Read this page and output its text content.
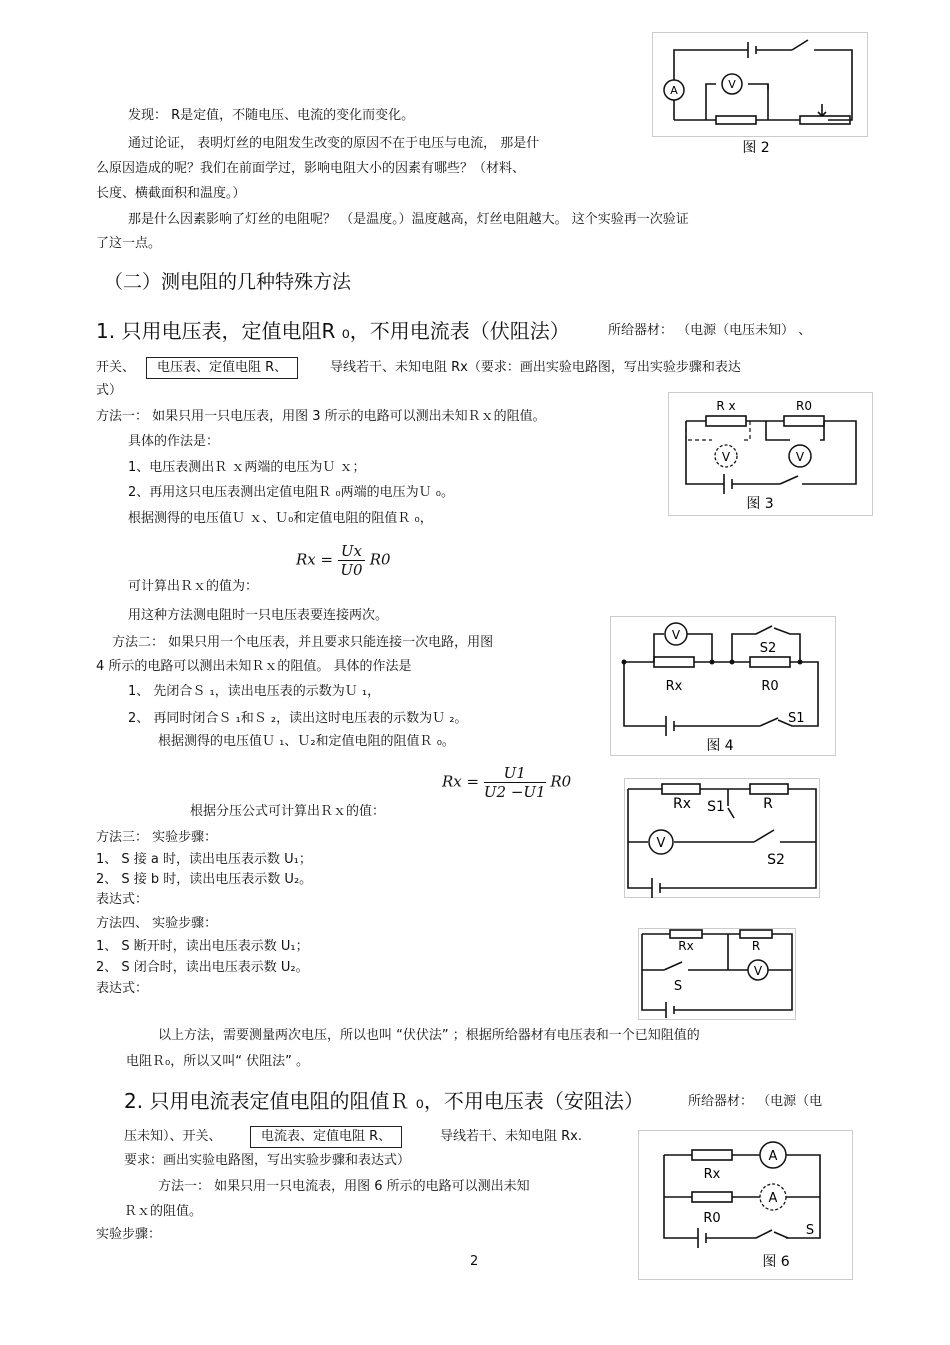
发现： R是定值，不随电压、电流的变化而变化。
通过论证， 表明灯丝的电阻发生改变的原因不在于电压与电流， 那是什
么原因造成的呢？我们在前面学过，影响电阻大小的因素有哪些？（材料、
长度、横截面积和温度。）
那是什么因素影响了灯丝的电阻呢？ （是温度。）温度越高，灯丝电阻越大。 这个实验再一次验证
了这一点。
（二）测电阻的几种特殊方法
1. 只用电压表，定值电阻R ₀，不用电流表（伏阻法）	所给器材： （电源（电压未知） 、
开关、	电压表、定值电阻 R、	导线若干、未知电阻 Rx（要求：画出实验电路图，写出实验步骤和表达
式）
方法一： 如果只用一只电压表，用图 3 所示的电路可以测出未知Ｒｘ的阻值。
具体的作法是：
1、电压表测出Ｒ ｘ两端的电压为Ｕ ｘ；
2、再用这只电压表测出定值电阻Ｒ ₀两端的电压为Ｕ ₀。
根据测得的电压值Ｕ ｘ、Ｕ₀和定值电阻的阻值Ｒ ₀，
$Rx = \frac{Ux}{U0} R0$
可计算出Ｒｘ的值为：
用这种方法测电阻时一只电压表要连接两次。
方法二： 如果只用一个电压表，并且要求只能连接一次电路，用图
4 所示的电路可以测出未知Ｒｘ的阻值。 具体的作法是
1、 先闭合Ｓ ₁，读出电压表的示数为Ｕ ₁，
2、 再同时闭合Ｓ ₁和Ｓ ₂，读出这时电压表的示数为Ｕ ₂。
根据测得的电压值Ｕ ₁、Ｕ₂和定值电阻的阻值Ｒ ₀。
$Rx = \frac{U1}{U2 -U1} R0$
根据分压公式可计算出Ｒｘ的值：
方法三： 实验步骤：
1、 S 接 a 时，读出电压表示数 U₁；
2、 S 接 b 时，读出电压表示数 U₂。
表达式：
方法四、 实验步骤：
1、 S 断开时，读出电压表示数 U₁；
2、 S 闭合时，读出电压表示数 U₂。
表达式：
以上方法，需要测量两次电压，所以也叫 “伏伏法” ；根据所给器材有电压表和一个已知阻值的
电阻Ｒ₀，所以又叫“ 伏阻法” 。
2. 只用电流表定值电阻的阻值Ｒ ₀，不用电压表（安阻法）	所给器材： （电源（电
压未知）、开关、	电流表、定值电阻 R、	导线若干、未知电阻 Rx.
要求：画出实验电路图，写出实验步骤和表达式）
方法一： 如果只用一只电流表，用图 6 所示的电路可以测出未知
Ｒｘ的阻值。
实验步骤：
2
A	V
图 2
R x	R0
V	V
图 3
V
Rx	R0
S2
S1
图 4
V
Rx	R
S1
S2
V
Rx	R
S
A
A
Rx
R0
S
图 6
